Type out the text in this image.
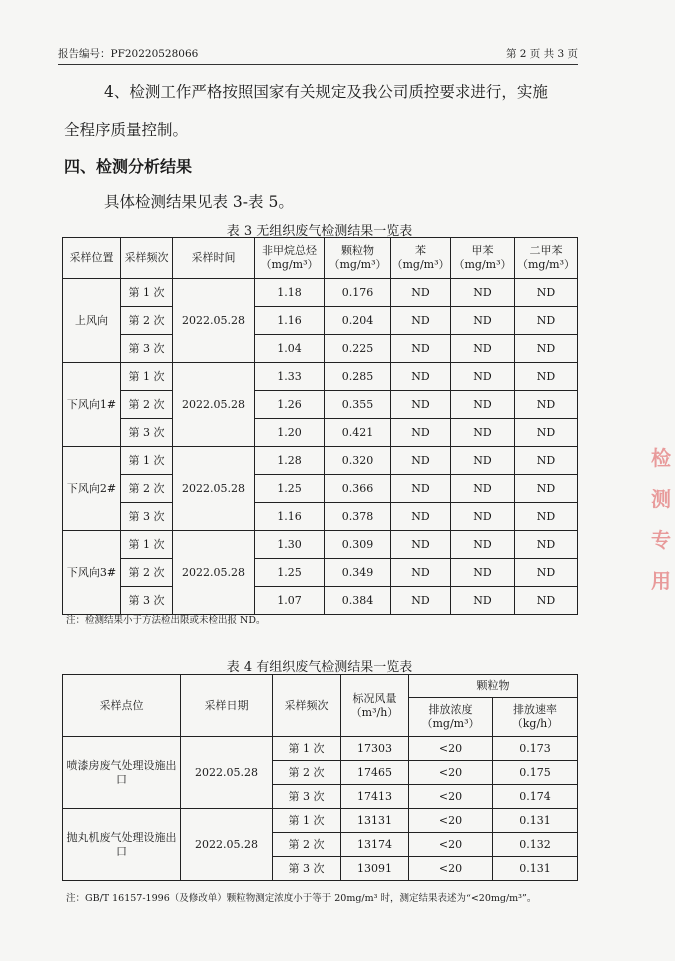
报告编号：PF20220528066	第 2 页 共 3 页
4、检测工作严格按照国家有关规定及我公司质控要求进行，实施
全程序质量控制。
四、检测分析结果
具体检测结果见表 3-表 5。
表 3 无组织废气检测结果一览表
采样位置	采样频次	采样时间	非甲烷总烃（mg/m³）	颗粒物（mg/m³）	苯（mg/m³）	甲苯（mg/m³）	二甲苯（mg/m³）
上风向	第 1 次	2022.05.28	1.18	0.176	ND	ND	ND
	第 2 次		1.16	0.204	ND	ND	ND
	第 3 次		1.04	0.225	ND	ND	ND
下风向1#	第 1 次	2022.05.28	1.33	0.285	ND	ND	ND
	第 2 次		1.26	0.355	ND	ND	ND
	第 3 次		1.20	0.421	ND	ND	ND
下风向2#	第 1 次	2022.05.28	1.28	0.320	ND	ND	ND
	第 2 次		1.25	0.366	ND	ND	ND
	第 3 次		1.16	0.378	ND	ND	ND
下风向3#	第 1 次	2022.05.28	1.30	0.309	ND	ND	ND
	第 2 次		1.25	0.349	ND	ND	ND
	第 3 次		1.07	0.384	ND	ND	ND
注：检测结果小于方法检出限或未检出报 ND。
表 4 有组织废气检测结果一览表
采样点位	采样日期	采样频次	标况风量（m³/h）	颗粒物	
				排放浓度（mg/m³）	排放速率（kg/h）
喷漆房废气处理设施出口	2022.05.28	第 1 次	17303	<20	0.173
		第 2 次	17465	<20	0.175
		第 3 次	17413	<20	0.174
抛丸机废气处理设施出口	2022.05.28	第 1 次	13131	<20	0.131
		第 2 次	13174	<20	0.132
		第 3 次	13091	<20	0.131
注：GB/T 16157-1996（及修改单）颗粒物测定浓度小于等于 20mg/m³ 时，测定结果表述为“<20mg/m³”。
检
测
专
用
